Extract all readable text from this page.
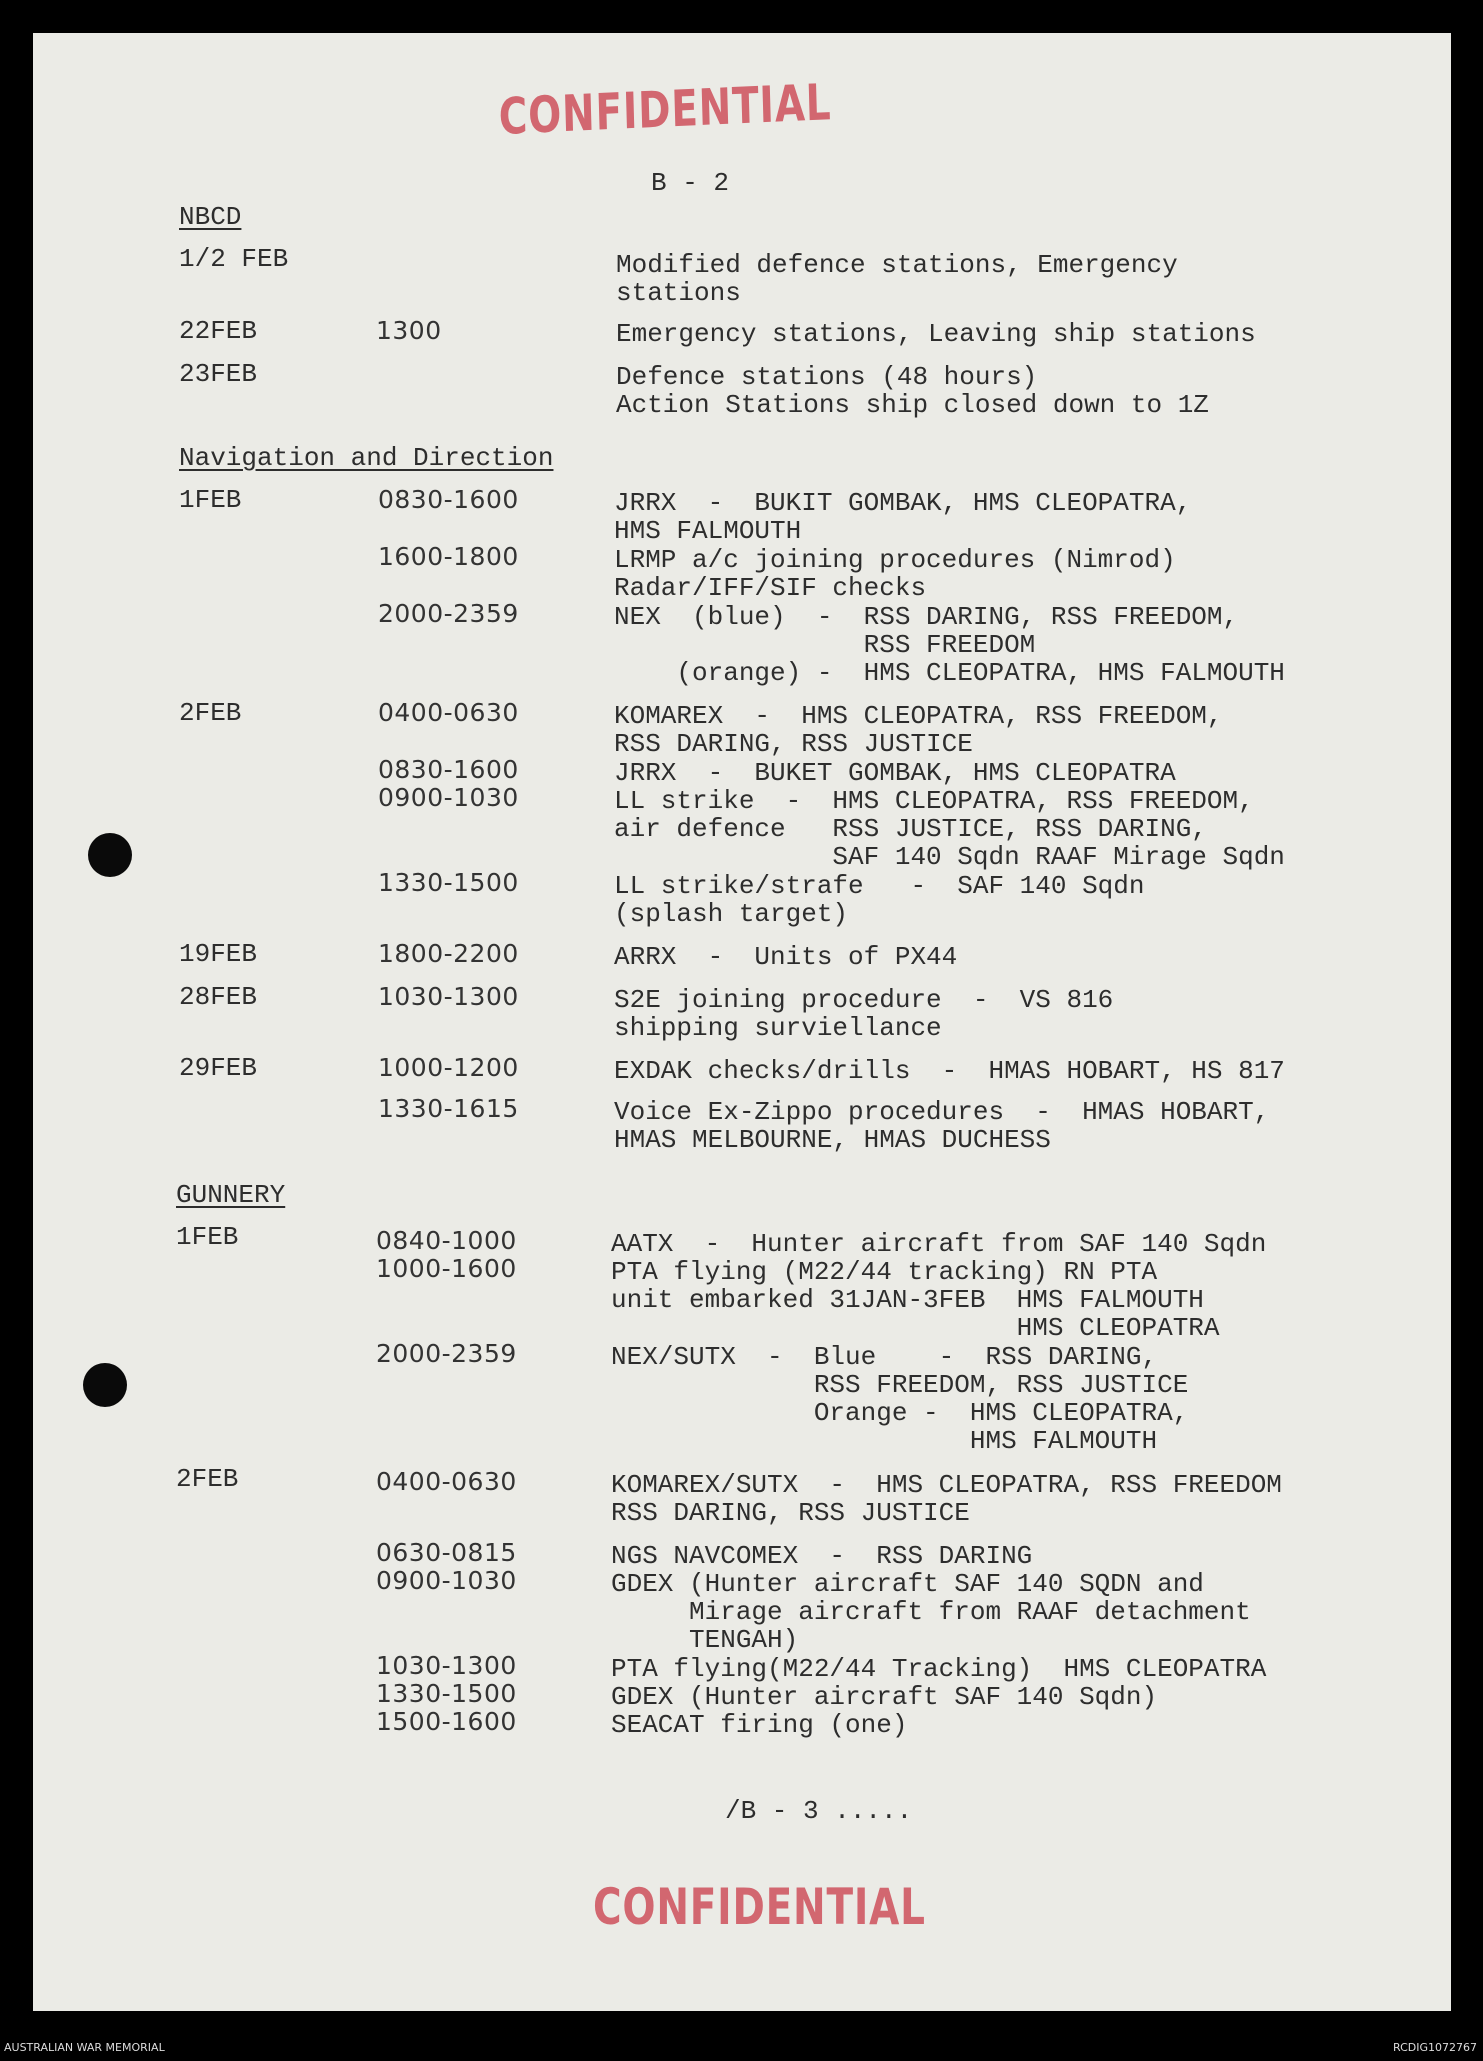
CONFIDENTIAL
B - 2
NBCD
1/2 FEB	Modified defence stations, Emergency
stations
22FEB	1300	Emergency stations, Leaving ship stations
23FEB	Defence stations (48 hours)
Action Stations ship closed down to 1Z
Navigation and Direction
1FEB	0830-1600	JRRX  -  BUKIT GOMBAK, HMS CLEOPATRA,
HMS FALMOUTH
1600-1800	LRMP a/c joining procedures (Nimrod)
Radar/IFF/SIF checks
2000-2359	NEX  (blue)  -  RSS DARING, RSS FREEDOM,
RSS FREEDOM
(orange) -  HMS CLEOPATRA, HMS FALMOUTH
2FEB	0400-0630	KOMAREX  -  HMS CLEOPATRA, RSS FREEDOM,
RSS DARING, RSS JUSTICE
0830-1600	JRRX  -  BUKET GOMBAK, HMS CLEOPATRA
0900-1030	LL strike  -  HMS CLEOPATRA, RSS FREEDOM,
air defence   RSS JUSTICE, RSS DARING,
SAF 140 Sqdn RAAF Mirage Sqdn
1330-1500	LL strike/strafe   -  SAF 140 Sqdn
(splash target)
19FEB	1800-2200	ARRX  -  Units of PX44
28FEB	1030-1300	S2E joining procedure  -  VS 816
shipping surviellance
29FEB	1000-1200	EXDAK checks/drills  -  HMAS HOBART, HS 817
1330-1615	Voice Ex-Zippo procedures  -  HMAS HOBART,
HMAS MELBOURNE, HMAS DUCHESS
GUNNERY
1FEB	0840-1000	AATX  -  Hunter aircraft from SAF 140 Sqdn
1000-1600	PTA flying (M22/44 tracking) RN PTA
unit embarked 31JAN-3FEB  HMS FALMOUTH
HMS CLEOPATRA
2000-2359	NEX/SUTX  -  Blue    -  RSS DARING,
RSS FREEDOM, RSS JUSTICE
Orange -  HMS CLEOPATRA,
HMS FALMOUTH
2FEB	0400-0630	KOMAREX/SUTX  -  HMS CLEOPATRA, RSS FREEDOM
RSS DARING, RSS JUSTICE
0630-0815	NGS NAVCOMEX  -  RSS DARING
0900-1030	GDEX (Hunter aircraft SAF 140 SQDN and
Mirage aircraft from RAAF detachment
TENGAH)
1030-1300	PTA flying(M22/44 Tracking)  HMS CLEOPATRA
1330-1500	GDEX (Hunter aircraft SAF 140 Sqdn)
1500-1600	SEACAT firing (one)
/B - 3 .....
CONFIDENTIAL
AUSTRALIAN WAR MEMORIAL	RCDIG1072767
